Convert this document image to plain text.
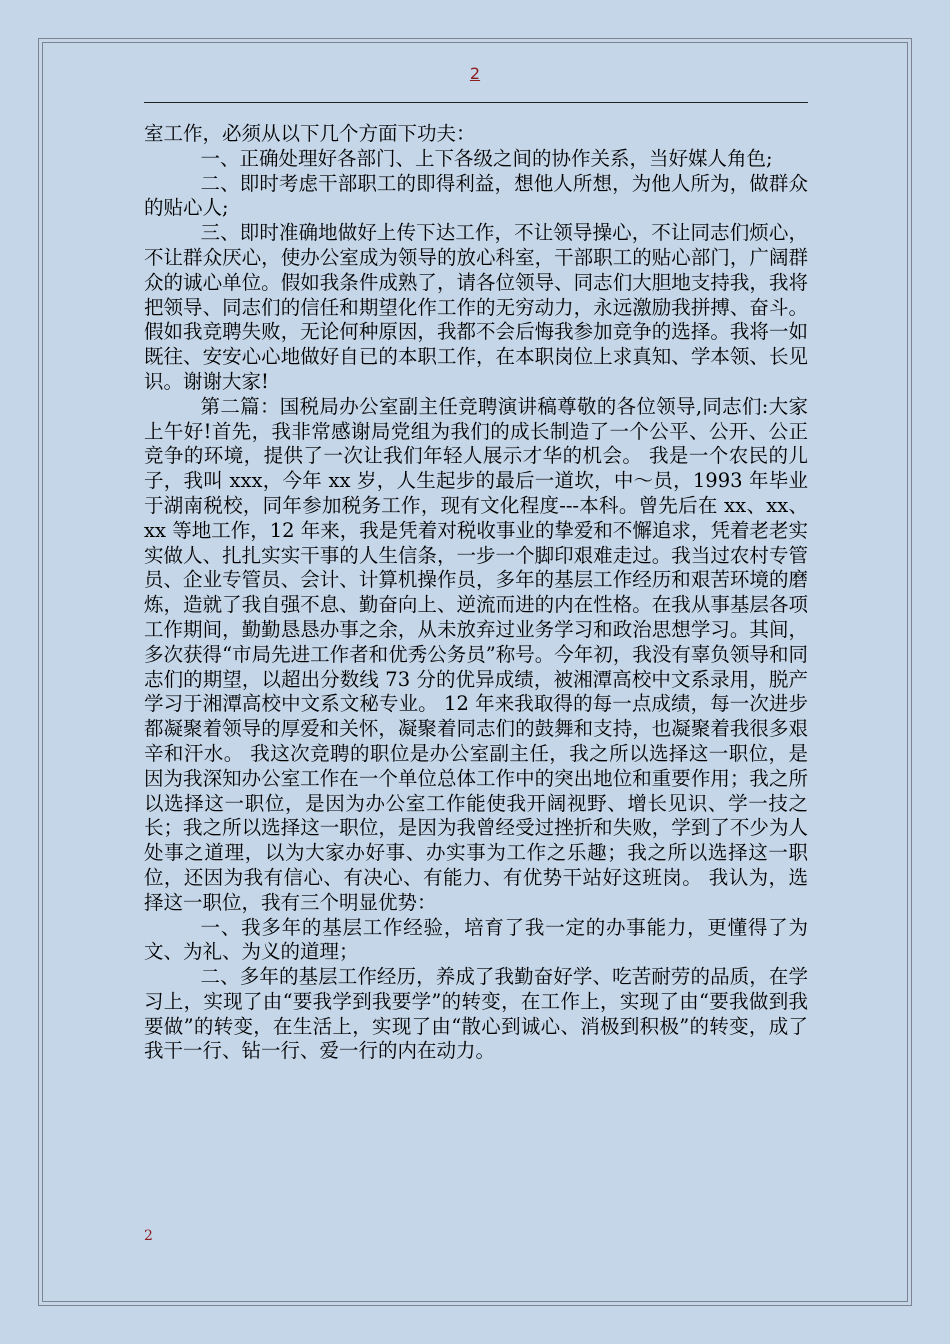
2

室工作，必须从以下几个方面下功夫：

一、正确处理好各部门、上下各级之间的协作关系，当好媒人角色;

二、即时考虑干部职工的即得利益，想他人所想，为他人所为，做群众的贴心人;

三、即时准确地做好上传下达工作，不让领导操心，不让同志们烦心，不让群众厌心，使办公室成为领导的放心科室，干部职工的贴心部门，广阔群众的诚心单位。假如我条件成熟了，请各位领导、同志们大胆地支持我，我将把领导、同志们的信任和期望化作工作的无穷动力，永远激励我拼搏、奋斗。假如我竞聘失败，无论何种原因，我都不会后悔我参加竞争的选择。我将一如既往、安安心心地做好自已的本职工作，在本职岗位上求真知、学本领、长见识。谢谢大家!

第二篇：国税局办公室副主任竞聘演讲稿尊敬的各位领导,同志们:大家上午好!首先，我非常感谢局党组为我们的成长制造了一个公平、公开、公正竞争的环境，提供了一次让我们年轻人展示才华的机会。 我是一个农民的儿子，我叫 xxx，今年 xx 岁，人生起步的最后一道坎，中～员，1993 年毕业于湖南税校，同年参加税务工作，现有文化程度---本科。曾先后在 xx、xx、xx 等地工作，12 年来，我是凭着对税收事业的挚爱和不懈追求，凭着老老实实做人、扎扎实实干事的人生信条，一步一个脚印艰难走过。我当过农村专管员、企业专管员、会计、计算机操作员，多年的基层工作经历和艰苦环境的磨炼，造就了我自强不息、勤奋向上、逆流而进的内在性格。在我从事基层各项工作期间，勤勤恳恳办事之余，从未放弃过业务学习和政治思想学习。其间，多次获得“市局先进工作者和优秀公务员”称号。今年初，我没有辜负领导和同志们的期望，以超出分数线 73 分的优异成绩，被湘潭高校中文系录用，脱产学习于湘潭高校中文系文秘专业。 12 年来我取得的每一点成绩，每一次进步都凝聚着领导的厚爱和关怀，凝聚着同志们的鼓舞和支持，也凝聚着我很多艰辛和汗水。 我这次竞聘的职位是办公室副主任，我之所以选择这一职位，是因为我深知办公室工作在一个单位总体工作中的突出地位和重要作用；我之所以选择这一职位，是因为办公室工作能使我开阔视野、增长见识、学一技之长；我之所以选择这一职位，是因为我曾经受过挫折和失败，学到了不少为人处事之道理，以为大家办好事、办实事为工作之乐趣；我之所以选择这一职位，还因为我有信心、有决心、有能力、有优势干站好这班岗。 我认为，选择这一职位，我有三个明显优势：

一、我多年的基层工作经验，培育了我一定的办事能力，更懂得了为文、为礼、为义的道理；

二、多年的基层工作经历，养成了我勤奋好学、吃苦耐劳的品质，在学习上，实现了由“要我学到我要学”的转变，在工作上，实现了由“要我做到我要做”的转变，在生活上，实现了由“散心到诚心、消极到积极”的转变，成了我干一行、钻一行、爱一行的内在动力。

2
